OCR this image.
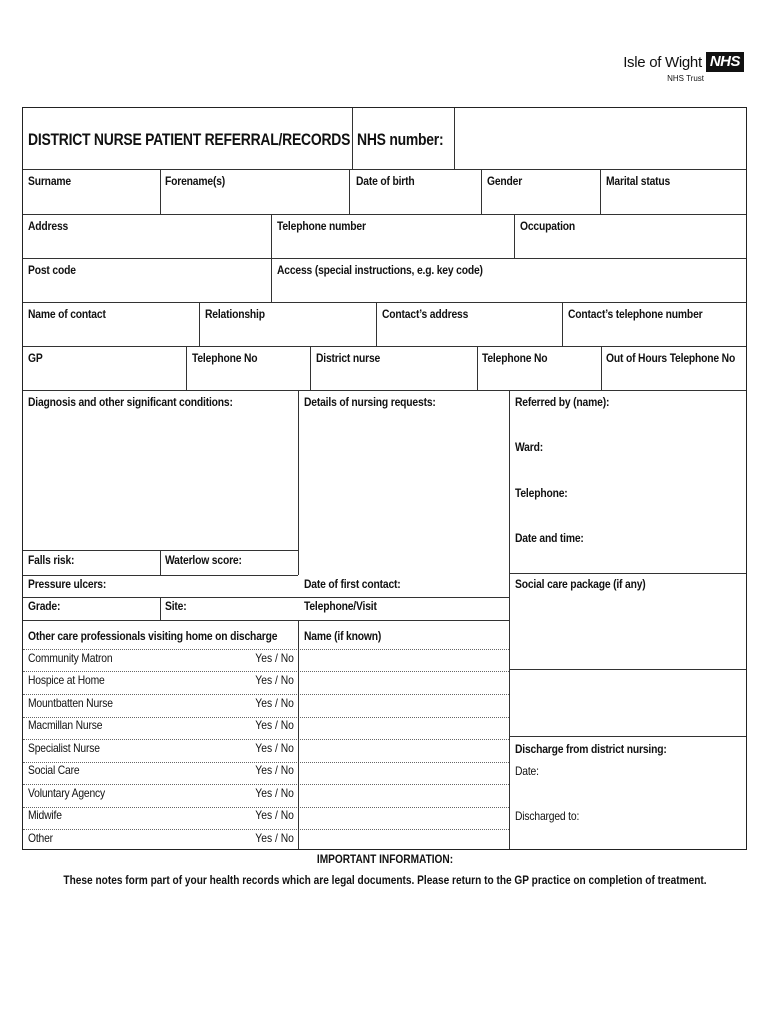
Isle of Wight NHS
NHS Trust
DISTRICT NURSE PATIENT REFERRAL/RECORDS NHS number:
Surname	Forename(s)	Date of birth	Gender	Marital status
Address	Telephone number	Occupation
Post code	Access (special instructions, e.g. key code)
Name of contact	Relationship	Contact’s address	Contact’s telephone number
GP	Telephone No	District nurse	Telephone No	Out of Hours Telephone No
Diagnosis and other significant conditions:	Details of nursing requests:	Referred by (name):
Ward:
Telephone:
Date and time:
Falls risk:	Waterlow score:
Pressure ulcers:	Date of first contact:	Social care package (if any)
Grade:	Site:	Telephone/Visit
Other care professionals visiting home on discharge Name (if known)
Community Matron	Yes / No
Hospice at Home	Yes / No
Mountbatten Nurse	Yes / No
Macmillan Nurse	Yes / No
Specialist Nurse	Yes / No
Social Care	Yes / No
Voluntary Agency	Yes / No
Midwife	Yes / No
Other	Yes / No
Discharge from district nursing:
Date:
Discharged to:
IMPORTANT INFORMATION:
These notes form part of your health records which are legal documents. Please return to the GP practice on completion of treatment.
